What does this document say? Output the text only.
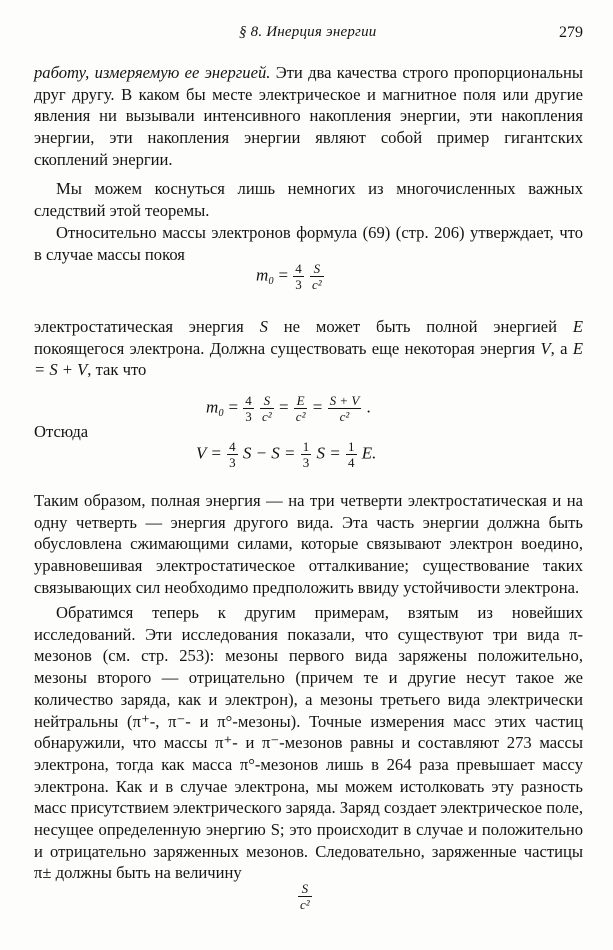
§ 8. Инерция энергии	279

работу, измеряемую ее энергией. Эти два качества строго пропорциональны друг другу. В каком бы месте электрическое и магнитное поля или другие явления ни вызывали интенсивного накопления энергии, эти накопления энергии, эти накопления энергии являют собой пример гигантских скоплений энергии.

Мы можем коснуться лишь немногих из многочисленных важных следствий этой теоремы.

Относительно массы электронов формула (69) (стр. 206) утверждает, что в случае массы покоя

$m_0 = \frac{4}{3}$
$\frac{S}{\text{c²}}$

электростатическая энергия S не может быть полной энергией E покоящегося электрона. Должна существовать еще некоторая энергия V, а E = S + V, так что

$m_0 = \frac{4}{3}$
$\frac{S}{\text{c²}} = \frac{E}{\text{c²}} = \frac{S + V}{\text{c²}}$ .
Отсюда
$V = \frac{4}{3}$ $S - S = \frac{1}{3}$ $S = \frac{1}{4} E$.

Таким образом, полная энергия — на три четверти электростатическая и на одну четверть — энергия другого вида. Эта часть энергии должна быть обусловлена сжимающими силами, которые связывают электрон воедино, уравновешивая электростатическое отталкивание; существование таких связывающих сил необходимо предположить ввиду устойчивости электрона.

Обратимся теперь к другим примерам, взятым из новейших исследований. Эти исследования показали, что существуют три вида π-мезонов (см. стр. 253): мезоны первого вида заряжены положительно, мезоны второго — отрицательно (причем те и другие несут такое же количество заряда, как и электрон), а мезоны третьего вида электрически нейтральны (π⁺-, π⁻- и π°-мезоны). Точные измерения масс этих частиц обнаружили, что массы π⁺- и π⁻-мезонов равны и составляют 273 массы электрона, тогда как масса π°-мезонов лишь в 264 раза превышает массу электрона. Как и в случае электрона, мы можем истолковать эту разность масс присутствием электрического заряда. Заряд создает электрическое поле, несущее определенную энергию S; это происходит в случае и положительно и отрицательно заряженных мезонов. Следовательно, заряженные частицы π± должны быть на величину

$\frac{S}{\text{c²}}$
